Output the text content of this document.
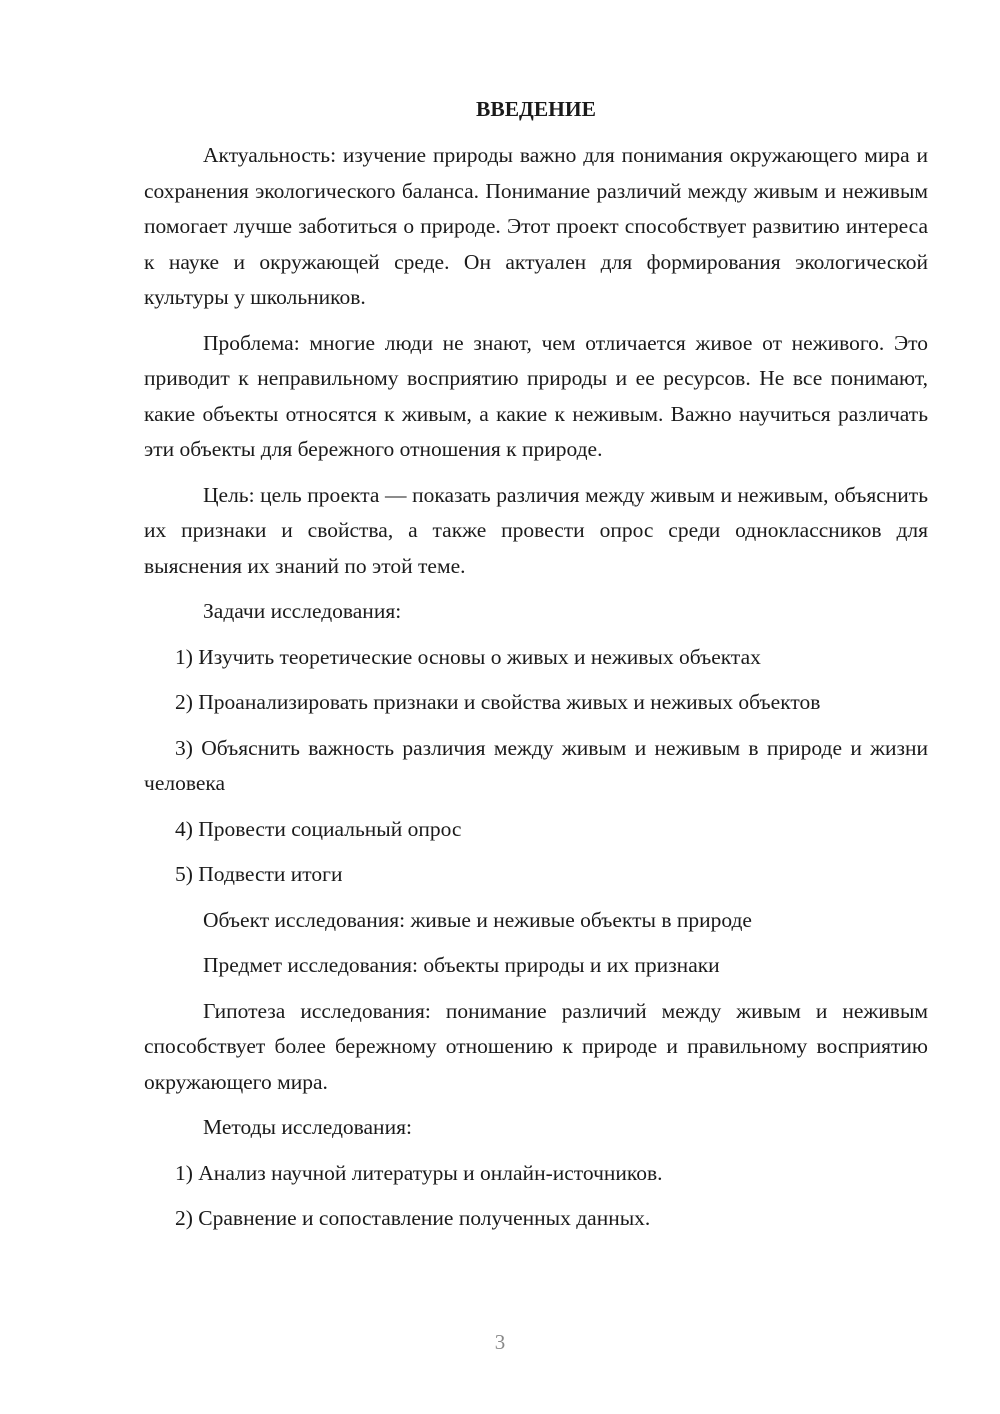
ВВЕДЕНИЕ

Актуальность: изучение природы важно для понимания окружающего мира и сохранения экологического баланса. Понимание различий между живым и неживым помогает лучше заботиться о природе. Этот проект способствует развитию интереса к науке и окружающей среде. Он актуален для формирования экологической культуры у школьников.

Проблема: многие люди не знают, чем отличается живое от неживого. Это приводит к неправильному восприятию природы и ее ресурсов. Не все понимают, какие объекты относятся к живым, а какие к неживым. Важно научиться различать эти объекты для бережного отношения к природе.

Цель: цель проекта — показать различия между живым и неживым, объяснить их признаки и свойства, а также провести опрос среди одноклассников для выяснения их знаний по этой теме.

Задачи исследования:

1) Изучить теоретические основы о живых и неживых объектах

2) Проанализировать признаки и свойства живых и неживых объектов

3) Объяснить важность различия между живым и неживым в природе и жизни человека

4) Провести социальный опрос

5) Подвести итоги

Объект исследования: живые и неживые объекты в природе

Предмет исследования: объекты природы и их признаки

Гипотеза исследования: понимание различий между живым и неживым способствует более бережному отношению к природе и правильному восприятию окружающего мира.

Методы исследования:

1) Анализ научной литературы и онлайн-источников.

2) Сравнение и сопоставление полученных данных.

3
